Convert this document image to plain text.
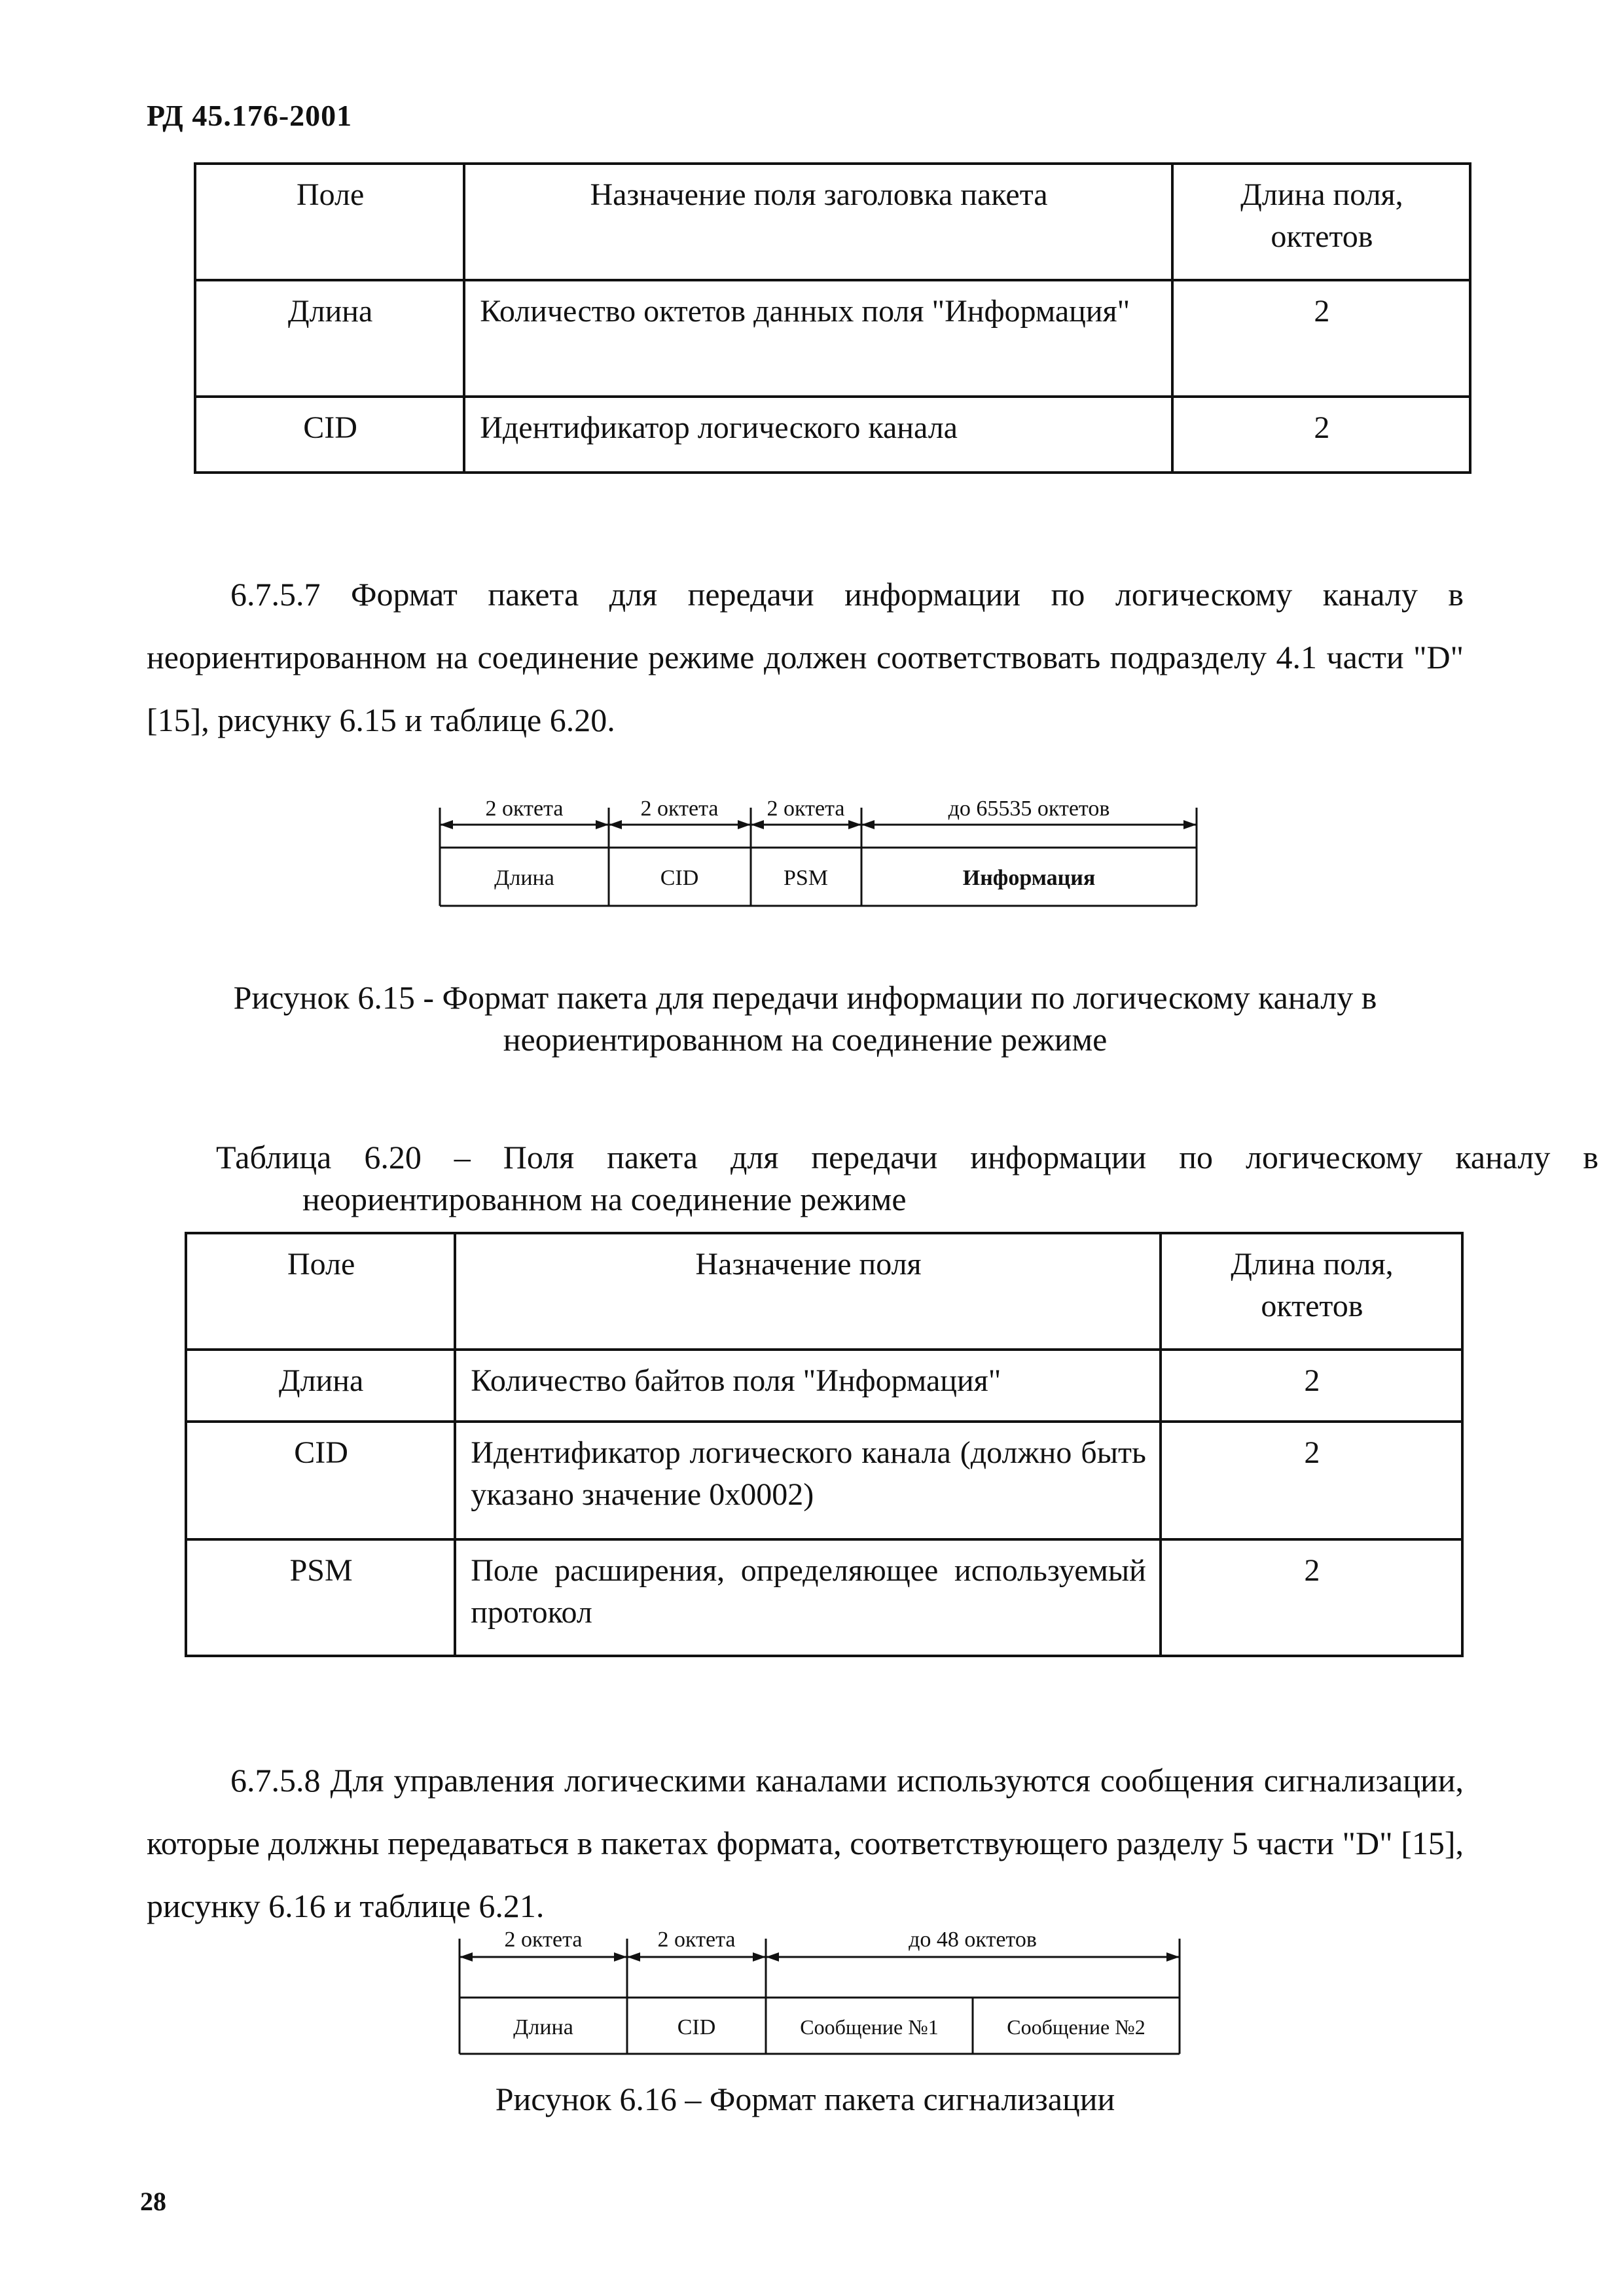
РД 45.176-2001
Поле	Назначение поля заголовка пакета	Длина поля, октетов
Длина	Количество октетов данных поля "Информация"	2
CID	Идентификатор логического канала	2

6.7.5.7 Формат пакета для передачи информации по логическому каналу в неориентированном на соединение режиме должен соответствовать подразделу 4.1 части "D" [15], рисунку 6.15 и таблице 6.20.

2 октета	2 октета 2 октета	до 65535 октетов
Длина	CID	PSM	Информация
Рисунок 6.15 - Формат пакета для передачи информации по логическому каналу в неориентированном на соединение режиме
Таблица 6.20 – Поля пакета для передачи информации по логическому каналу в неориентированном на соединение режиме
Поле	Назначение поля	Длина поля, октетов
Длина	Количество байтов поля "Информация"	2
CID	Идентификатор логического канала (должно быть указано значение 0x0002)	2
PSM	Поле расширения, определяющее используемый протокол	2

6.7.5.8 Для управления логическими каналами используются сообщения сигнализации, которые должны передаваться в пакетах формата, соответствующего разделу 5 части "D" [15], рисунку 6.16 и таблице 6.21.

2 октета	2 октета	до 48 октетов
Длина	CID	Сообщение №1	Сообщение №2
Рисунок 6.16 – Формат пакета сигнализации
28
